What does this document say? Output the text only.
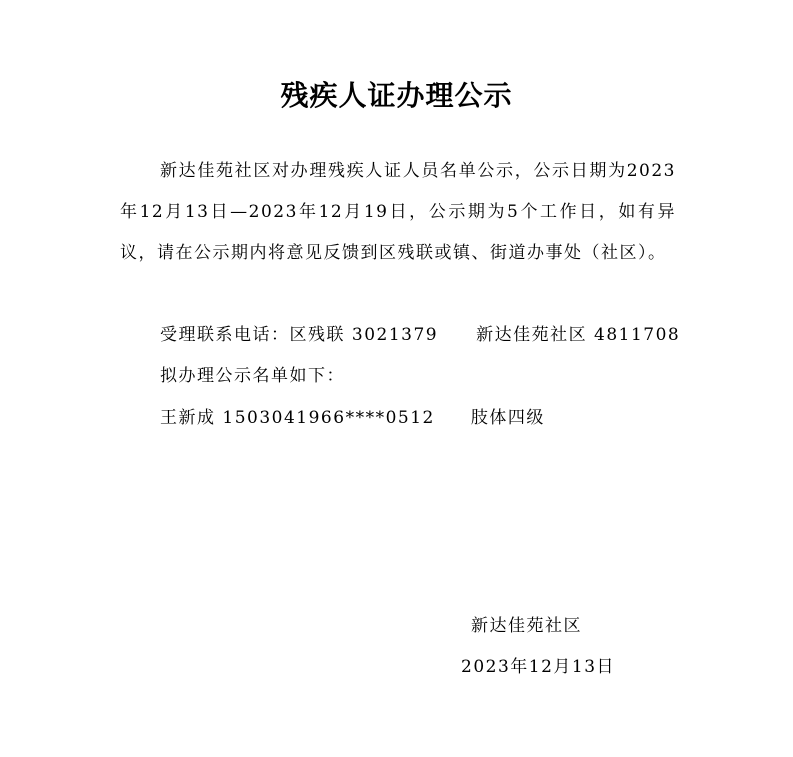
残疾人证办理公示

新达佳苑社区对办理残疾人证人员名单公示，公示日期为2023年12月13日—2023年12月19日，公示期为5个工作日，如有异议，请在公示期内将意见反馈到区残联或镇、街道办事处（社区）。

受理联系电话：区残联 3021379 新达佳苑社区 4811708
拟办理公示名单如下：
王新成 1503041966****0512 肢体四级
新达佳苑社区
2023年12月13日
